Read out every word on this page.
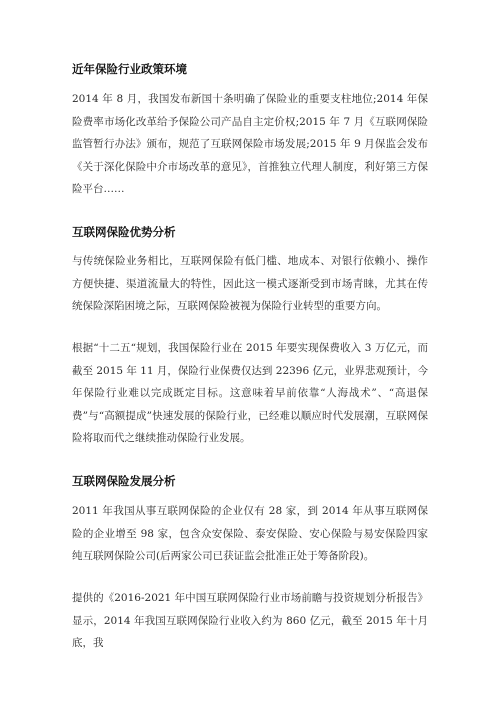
近年保险行业政策环境
2014 年 8 月，我国发布新国十条明确了保险业的重要支柱地位;2014 年保险费率市场化改革给予保险公司产品自主定价权;2015 年 7 月《互联网保险监管暂行办法》颁布，规范了互联网保险市场发展;2015 年 9 月保监会发布《关于深化保险中介市场改革的意见》，首推独立代理人制度，利好第三方保险平台……
互联网保险优势分析
与传统保险业务相比，互联网保险有低门槛、地成本、对银行依赖小、操作方便快捷、渠道流量大的特性，因此这一模式逐渐受到市场青睐，尤其在传统保险深陷困境之际，互联网保险被视为保险行业转型的重要方向。
根据“十二五“规划，我国保险行业在 2015 年要实现保费收入 3 万亿元，而截至 2015 年 11 月，保险行业保费仅达到 22396 亿元，业界悲观预计，今年保险行业难以完成既定目标。这意味着早前依靠“人海战术”、“高退保费”与“高额提成”快速发展的保险行业，已经难以顺应时代发展潮，互联网保险将取而代之继续推动保险行业发展。
互联网保险发展分析
2011 年我国从事互联网保险的企业仅有 28 家，到 2014 年从事互联网保险的企业增至 98 家，包含众安保险、泰安保险、安心保险与易安保险四家纯互联网保险公司(后两家公司已获证监会批准正处于筹备阶段)。
提供的《2016-2021 年中国互联网保险行业市场前瞻与投资规划分析报告》显示，2014 年我国互联网保险行业收入约为 860 亿元，截至 2015 年十月底，我
